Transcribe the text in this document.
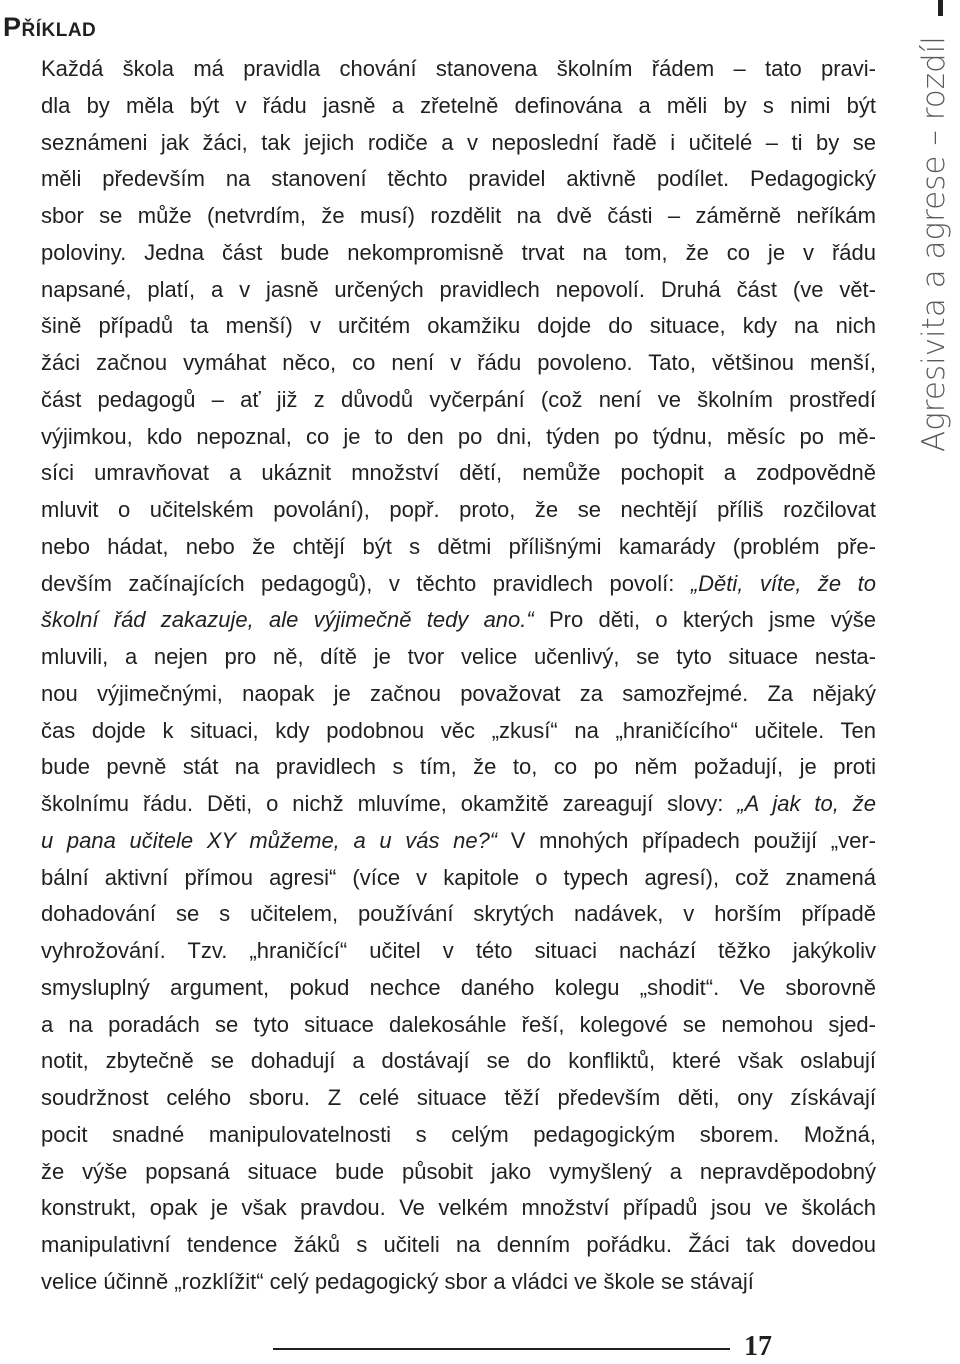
Příklad
Každá škola má pravidla chování stanovena školním řádem – tato pravi-
dla by měla být v řádu jasně a zřetelně definována a měli by s nimi být
seznámeni jak žáci, tak jejich rodiče a v neposlední řadě i učitelé – ti by se
měli především na stanovení těchto pravidel aktivně podílet. Pedagogický
sbor se může (netvrdím, že musí) rozdělit na dvě části – záměrně neříkám
poloviny. Jedna část bude nekompromisně trvat na tom, že co je v řádu
napsané, platí, a v jasně určených pravidlech nepovolí. Druhá část (ve vět-
šině případů ta menší) v určitém okamžiku dojde do situace, kdy na nich
žáci začnou vymáhat něco, co není v řádu povoleno. Tato, většinou menší,
část pedagogů – ať již z důvodů vyčerpání (což není ve školním prostředí
výjimkou, kdo nepoznal, co je to den po dni, týden po týdnu, měsíc po mě-
síci umravňovat a ukáznit množství dětí, nemůže pochopit a zodpovědně
mluvit o učitelském povolání), popř. proto, že se nechtějí příliš rozčilovat
nebo hádat, nebo že chtějí být s dětmi přílišnými kamarády (problém pře-
devším začínajících pedagogů), v těchto pravidlech povolí: „Děti, víte, že to
školní řád zakazuje, ale výjimečně tedy ano.“ Pro děti, o kterých jsme výše
mluvili, a nejen pro ně, dítě je tvor velice učenlivý, se tyto situace nesta-
nou výjimečnými, naopak je začnou považovat za samozřejmé. Za nějaký
čas dojde k situaci, kdy podobnou věc „zkusí“ na „hraničícího“ učitele. Ten
bude pevně stát na pravidlech s tím, že to, co po něm požadují, je proti
školnímu řádu. Děti, o nichž mluvíme, okamžitě zareagují slovy: „A jak to, že
u pana učitele XY můžeme, a u vás ne?“ V mnohých případech použijí „ver-
bální aktivní přímou agresi“ (více v kapitole o typech agresí), což znamená
dohadování se s učitelem, používání skrytých nadávek, v horším případě
vyhrožování. Tzv. „hraničící“ učitel v této situaci nachází těžko jakýkoliv
smysluplný argument, pokud nechce daného kolegu „shodit“. Ve sborovně
a na poradách se tyto situace dalekosáhle řeší, kolegové se nemohou sjed-
notit, zbytečně se dohadují a dostávají se do konfliktů, které však oslabují
soudržnost celého sboru. Z celé situace těží především děti, ony získávají
pocit snadné manipulovatelnosti s celým pedagogickým sborem. Možná,
že výše popsaná situace bude působit jako vymyšlený a nepravděpodobný
konstrukt, opak je však pravdou. Ve velkém množství případů jsou ve školách
manipulativní tendence žáků s učiteli na denním pořádku. Žáci tak dovedou
velice účinně „rozklížit“ celý pedagogický sbor a vládci ve škole se stávají
Agresivita a agrese – rozdíl
17
